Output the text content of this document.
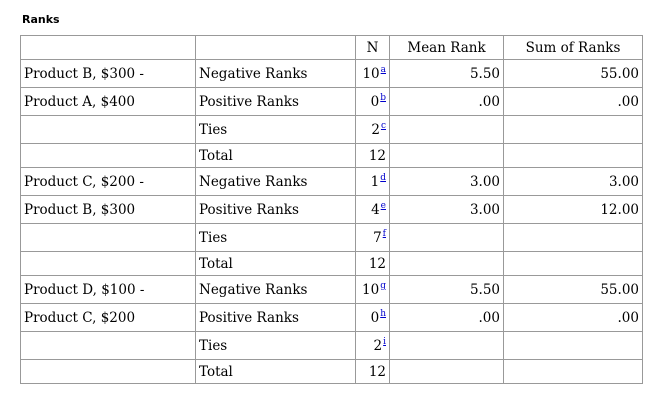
Ranks
		N	Mean Rank	Sum of Ranks
Product B, $300 -	Negative Ranks	10$^a$	5.50	55.00
Product A, $400	Positive Ranks	0$^b$	.00	.00
	Ties	2$^c$		
	Total	12		
Product C, $200 -	Negative Ranks	1$^d$	3.00	3.00
Product B, $300	Positive Ranks	4e	3.00	12.00
	Ties	7$^f$		
	Total	12		
Product D, $100 -	Negative Ranks	10$^g$	5.50	55.00
Product C, $200	Positive Ranks	0$^h$	.00	.00
	Ties	2$^i$		
	Total	12		
